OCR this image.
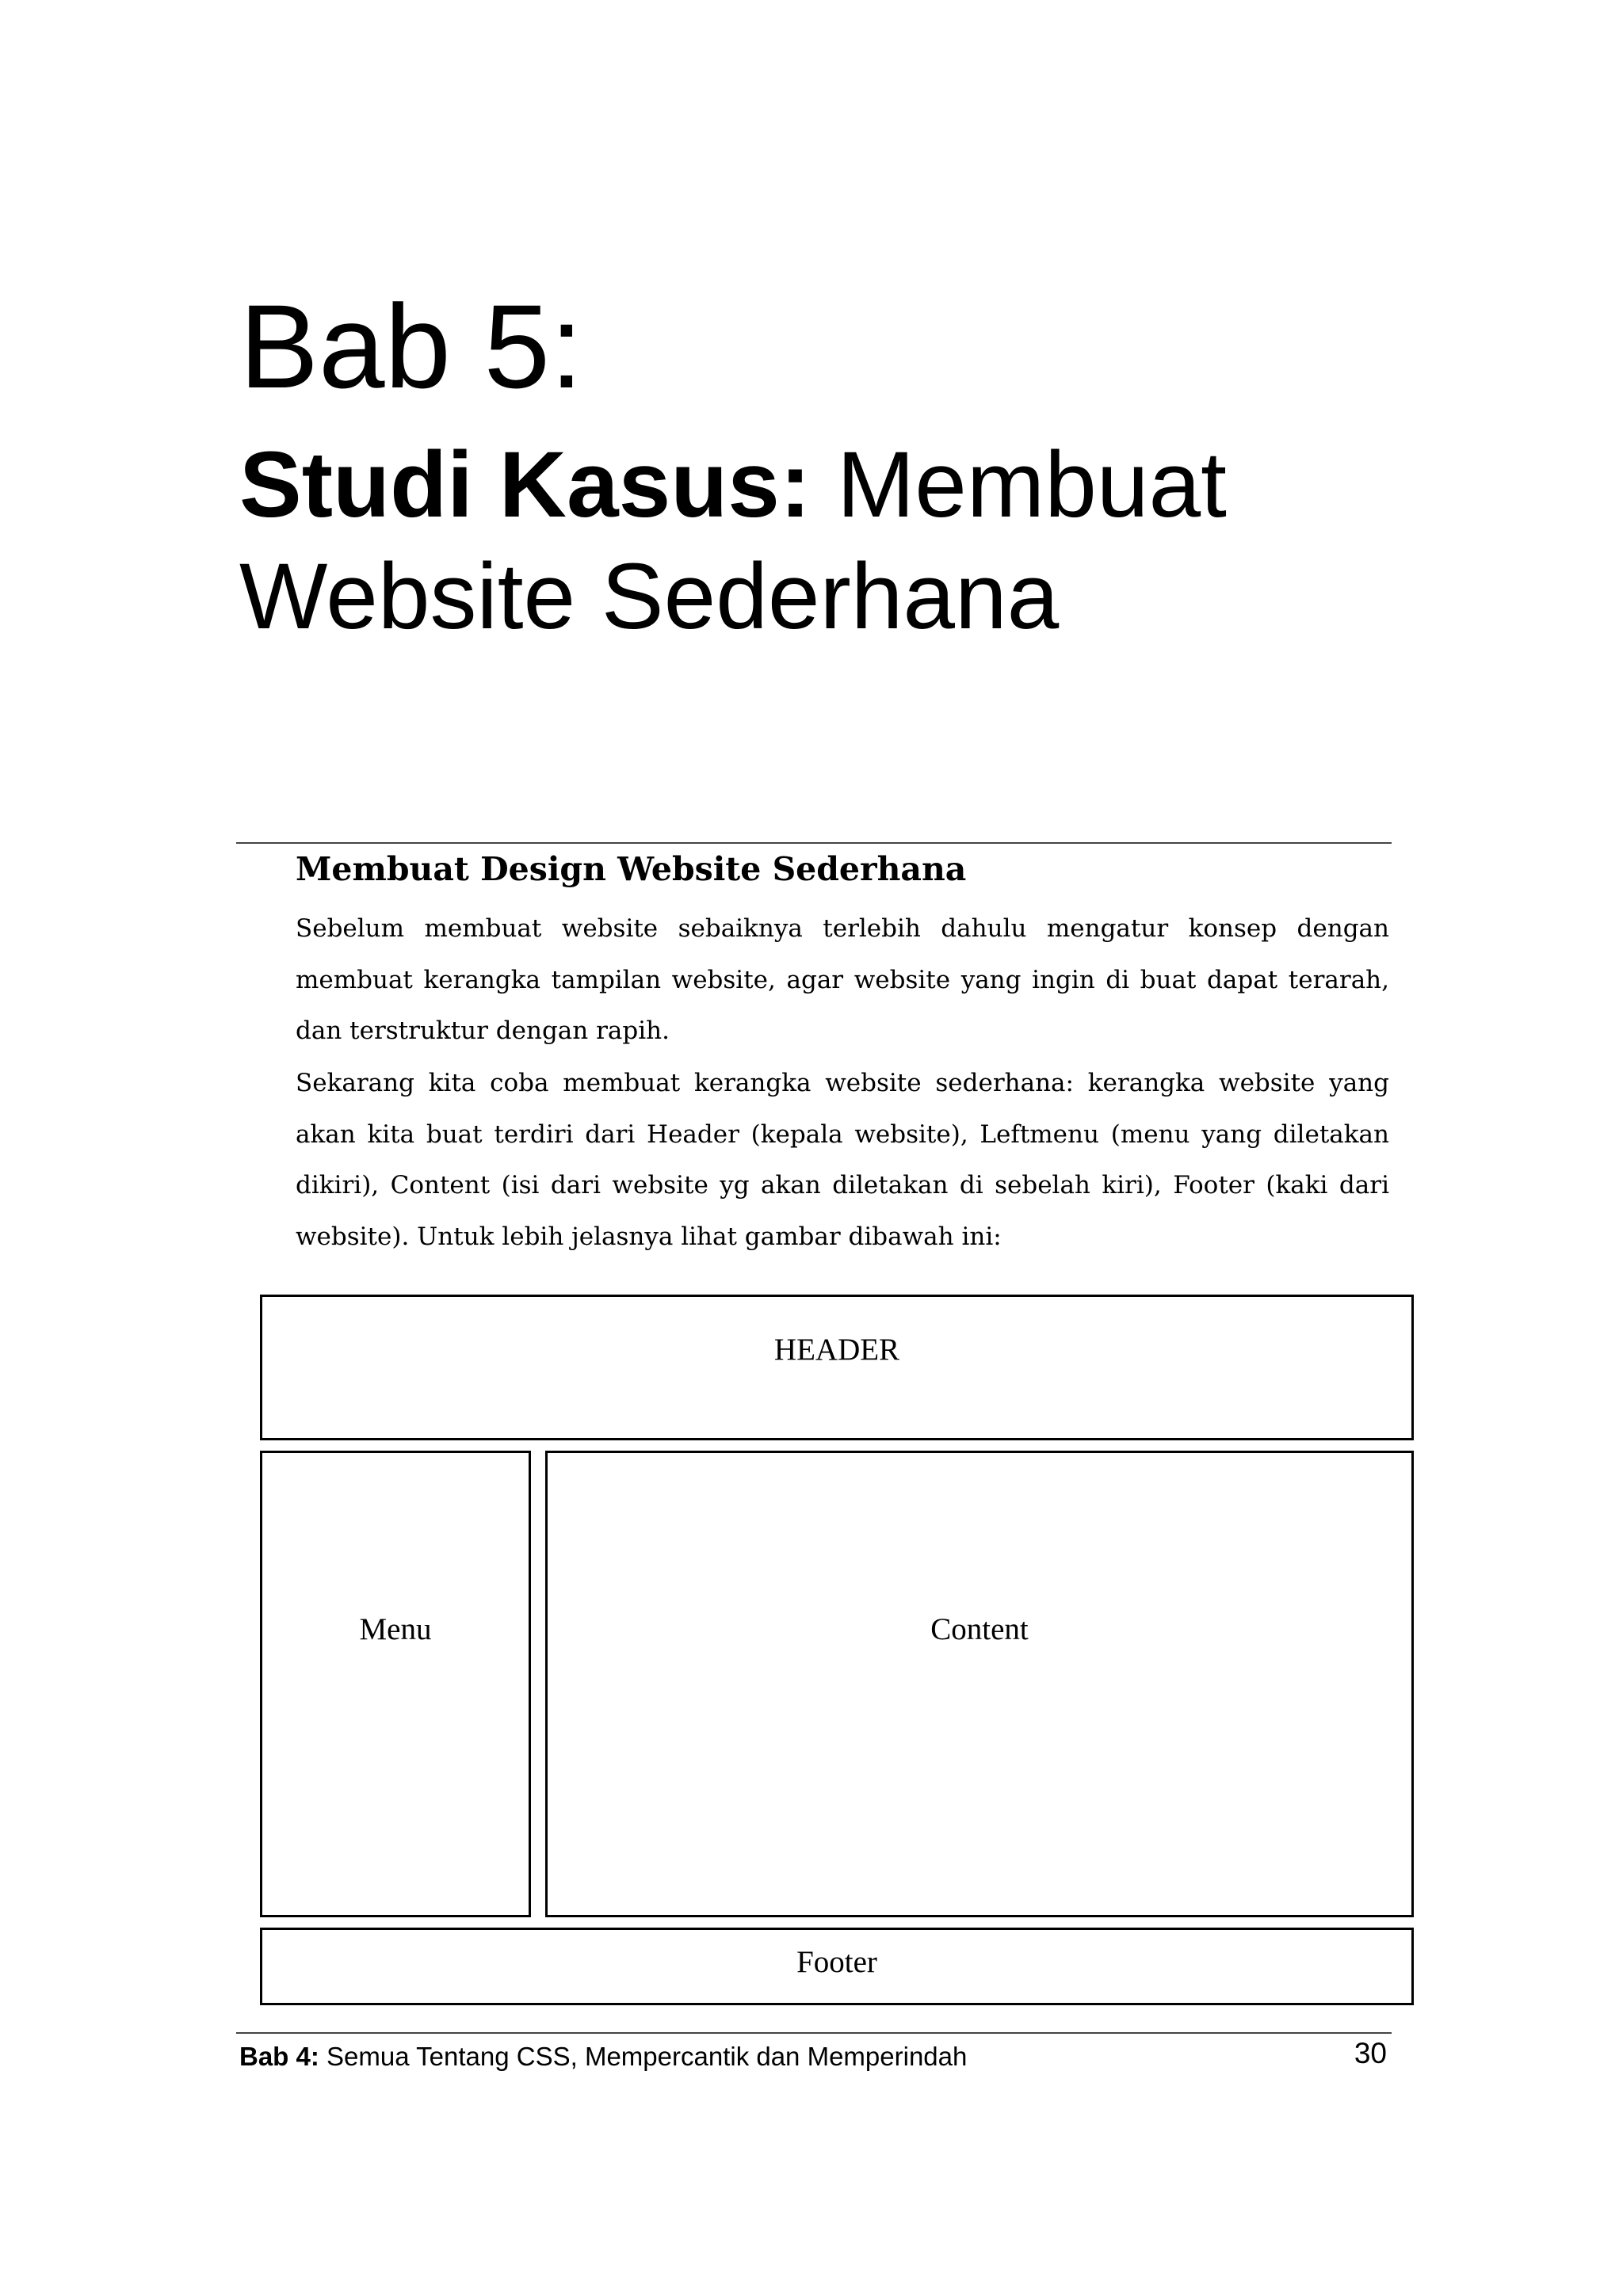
Bab 5:
Studi Kasus: Membuat
Website Sederhana
Membuat Design Website Sederhana

Sebelum membuat website sebaiknya terlebih dahulu mengatur konsep dengan membuat kerangka tampilan website, agar website yang ingin di buat dapat terarah, dan terstruktur dengan rapih.

Sekarang kita coba membuat kerangka website sederhana: kerangka website yang akan kita buat terdiri dari Header (kepala website), Leftmenu (menu yang diletakan dikiri), Content (isi dari website yg akan diletakan di sebelah kiri), Footer (kaki dari website). Untuk lebih jelasnya lihat gambar dibawah ini:

HEADER
Menu	Content
Footer

Bab 4: Semua Tentang CSS, Mempercantik dan Memperindah	30
